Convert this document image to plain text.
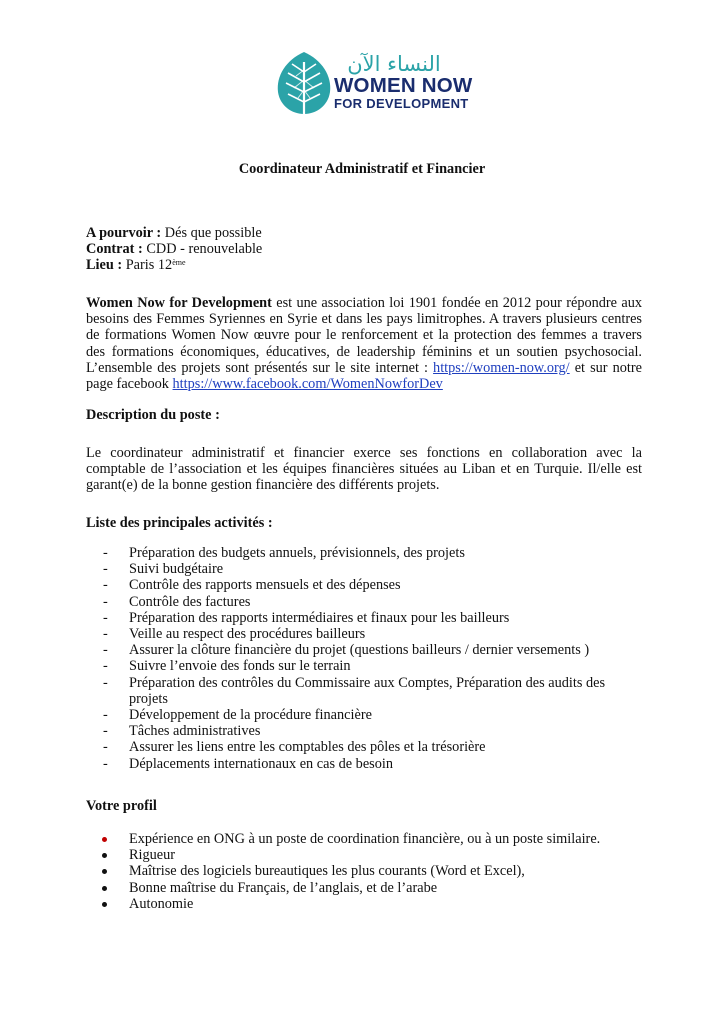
النساء الآن
WOMEN NOW
FOR DEVELOPMENT
Coordinateur Administratif et Financier
A pourvoir : Dés que possible
Contrat : CDD - renouvelable
Lieu : Paris 12ème
Women Now for Development est une association loi 1901 fondée en 2012 pour répondre aux besoins des Femmes Syriennes en Syrie et dans les pays limitrophes. A travers plusieurs centres de formations Women Now œuvre pour le renforcement et la protection des femmes a travers des formations économiques, éducatives, de leadership féminins et un soutien psychosocial. L’ensemble des projets sont présentés sur le site internet : https://women-now.org/ et sur notre page facebook https://www.facebook.com/WomenNowforDev
Description du poste :
Le coordinateur administratif et financier exerce ses fonctions en collaboration avec la comptable de l’association et les équipes financières situées au Liban et en Turquie. Il/elle est garant(e) de la bonne gestion financière des différents projets.
Liste des principales activités :
- Préparation des budgets annuels, prévisionnels, des projets
- Suivi budgétaire
- Contrôle des rapports mensuels et des dépenses
- Contrôle des factures
- Préparation des rapports intermédiaires et finaux pour les bailleurs
- Veille au respect des procédures bailleurs
- Assurer la clôture financière du projet (questions bailleurs / dernier versements )
- Suivre l’envoie des fonds sur le terrain
- Préparation des contrôles du Commissaire aux Comptes, Préparation des audits des projets
- Développement de la procédure financière
- Tâches administratives
- Assurer les liens entre les comptables des pôles et la trésorière
- Déplacements internationaux en cas de besoin
Votre profil
Expérience en ONG à un poste de coordination financière, ou à un poste similaire.
Rigueur
Maîtrise des logiciels bureautiques les plus courants (Word et Excel),
Bonne maîtrise du Français, de l’anglais, et de l’arabe
Autonomie
